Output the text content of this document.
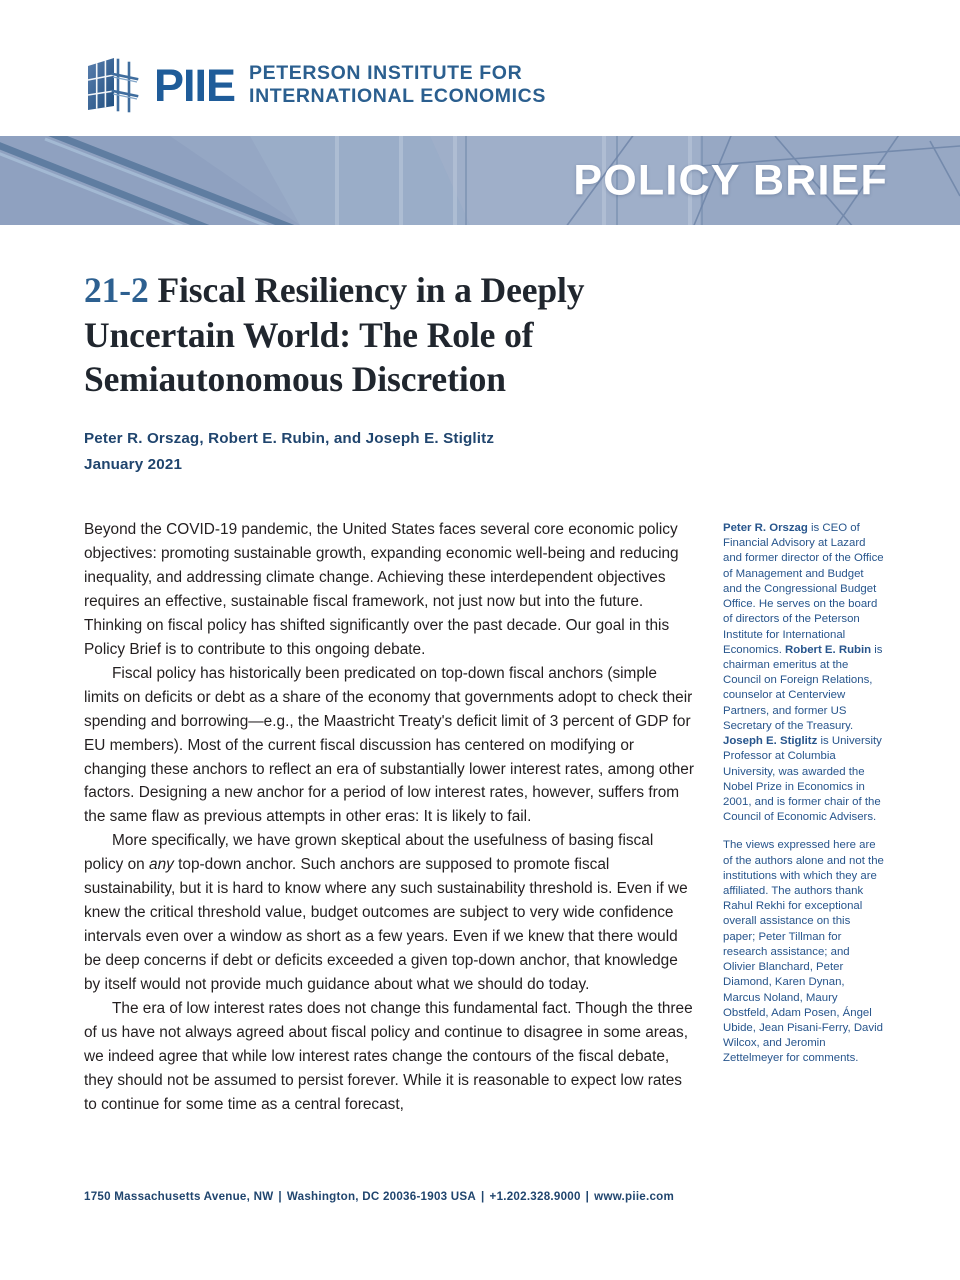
PIIE PETERSON INSTITUTE FOR
INTERNATIONAL ECONOMICS
POLICY BRIEF
21-2 Fiscal Resiliency in a Deeply Uncertain World: The Role of Semiautonomous Discretion
Peter R. Orszag, Robert E. Rubin, and Joseph E. Stiglitz
January 2021

Beyond the COVID-19 pandemic, the United States faces several core economic policy objectives: promoting sustainable growth, expanding economic well-being and reducing inequality, and addressing climate change. Achieving these interdependent objectives requires an effective, sustainable fiscal framework, not just now but into the future. Thinking on fiscal policy has shifted significantly over the past decade. Our goal in this Policy Brief is to contribute to this ongoing debate.

Fiscal policy has historically been predicated on top-down fiscal anchors (simple limits on deficits or debt as a share of the economy that governments adopt to check their spending and borrowing—e.g., the Maastricht Treaty's deficit limit of 3 percent of GDP for EU members). Most of the current fiscal discussion has centered on modifying or changing these anchors to reflect an era of substantially lower interest rates, among other factors. Designing a new anchor for a period of low interest rates, however, suffers from the same flaw as previous attempts in other eras: It is likely to fail.

More specifically, we have grown skeptical about the usefulness of basing fiscal policy on any top-down anchor. Such anchors are supposed to promote fiscal sustainability, but it is hard to know where any such sustainability threshold is. Even if we knew the critical threshold value, budget outcomes are subject to very wide confidence intervals even over a window as short as a few years. Even if we knew that there would be deep concerns if debt or deficits exceeded a given top-down anchor, that knowledge by itself would not provide much guidance about what we should do today.

The era of low interest rates does not change this fundamental fact. Though the three of us have not always agreed about fiscal policy and continue to disagree in some areas, we indeed agree that while low interest rates change the contours of the fiscal debate, they should not be assumed to persist forever. While it is reasonable to expect low rates to continue for some time as a central forecast,

Peter R. Orszag is CEO of Financial Advisory at Lazard and former director of the Office of Management and Budget and the Congressional Budget Office. He serves on the board of directors of the Peterson Institute for International Economics. Robert E. Rubin is chairman emeritus at the Council on Foreign Relations, counselor at Centerview Partners, and former US Secretary of the Treasury. Joseph E. Stiglitz is University Professor at Columbia University, was awarded the Nobel Prize in Economics in 2001, and is former chair of the Council of Economic Advisers.

The views expressed here are of the authors alone and not the institutions with which they are affiliated. The authors thank Rahul Rekhi for exceptional overall assistance on this paper; Peter Tillman for research assistance; and Olivier Blanchard, Peter Diamond, Karen Dynan, Marcus Noland, Maury Obstfeld, Adam Posen, Ángel Ubide, Jean Pisani-Ferry, David Wilcox, and Jeromin Zettelmeyer for comments.

1750 Massachusetts Avenue, NW | Washington, DC 20036-1903 USA | +1.202.328.9000 | www.piie.com
